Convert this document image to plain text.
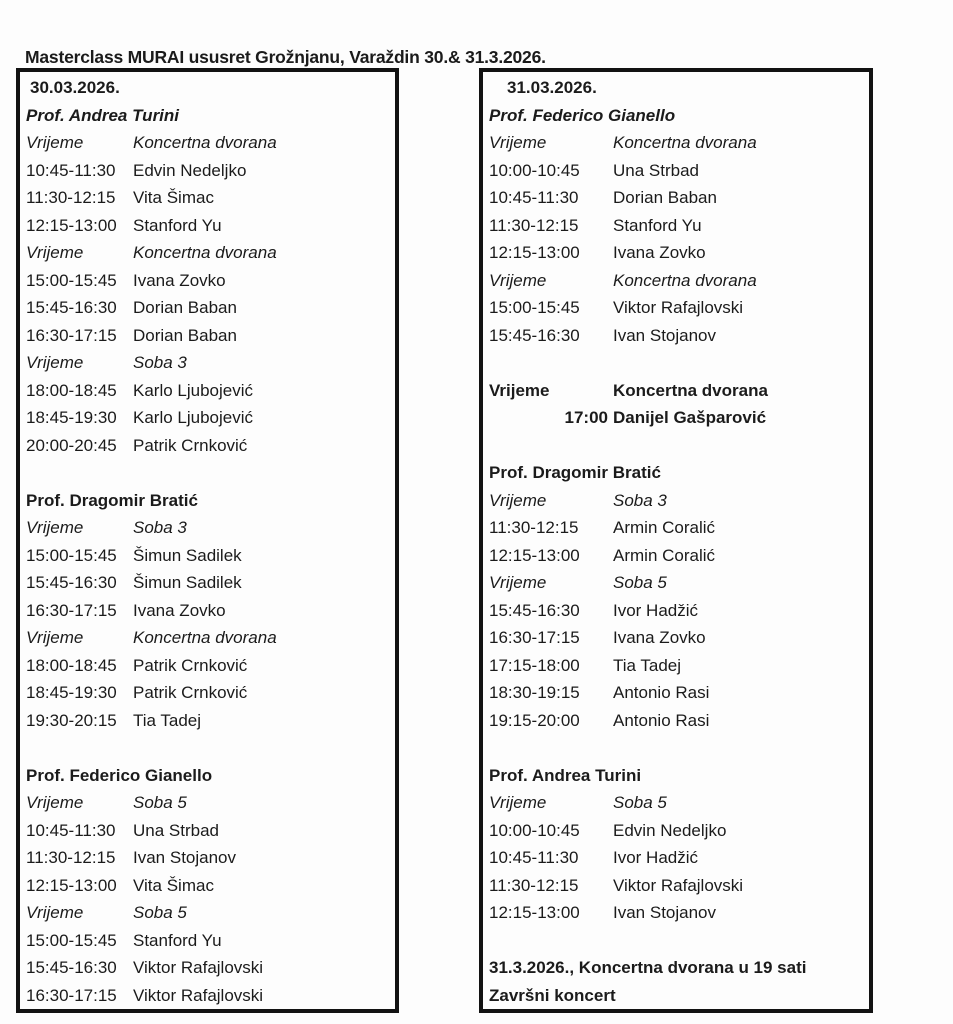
Masterclass MURAI ususret Grožnjanu, Varaždin 30.& 31.3.2026.
30.03.2026.
Prof. Andrea Turini
Vrijeme	Koncertna dvorana
10:45-11:30	Edvin Nedeljko
11:30-12:15	Vita Šimac
12:15-13:00 Stanford Yu
Vrijeme	Koncertna dvorana
15:00-15:45 Ivana Zovko
15:45-16:30 Dorian Baban
16:30-17:15 Dorian Baban
Vrijeme	Soba 3
18:00-18:45 Karlo Ljubojević
18:45-19:30 Karlo Ljubojević
20:00-20:45 Patrik Crnković
Prof. Dragomir Bratić
Vrijeme	Soba 3
15:00-15:45 Šimun Sadilek
15:45-16:30 Šimun Sadilek
16:30-17:15 Ivana Zovko
Vrijeme	Koncertna dvorana
18:00-18:45 Patrik Crnković
18:45-19:30 Patrik Crnković
19:30-20:15 Tia Tadej
Prof. Federico Gianello
Vrijeme	Soba 5
10:45-11:30	Una Strbad
11:30-12:15	Ivan Stojanov
12:15-13:00 Vita Šimac
Vrijeme	Soba 5
15:00-15:45 Stanford Yu
15:45-16:30 Viktor Rafajlovski
16:30-17:15 Viktor Rafajlovski
31.03.2026.
Prof. Federico Gianello
Vrijeme	Koncertna dvorana
10:00-10:45	Una Strbad
10:45-11:30	Dorian Baban
11:30-12:15	Stanford Yu
12:15-13:00	Ivana Zovko
Vrijeme	Koncertna dvorana
15:00-15:45	Viktor Rafajlovski
15:45-16:30	Ivan Stojanov
Vrijeme	Koncertna dvorana
17:00 Danijel Gašparović
Prof. Dragomir Bratić
Vrijeme	Soba 3
11:30-12:15	Armin Coralić
12:15-13:00	Armin Coralić
Vrijeme	Soba 5
15:45-16:30	Ivor Hadžić
16:30-17:15	Ivana Zovko
17:15-18:00	Tia Tadej
18:30-19:15	Antonio Rasi
19:15-20:00	Antonio Rasi
Prof. Andrea Turini
Vrijeme	Soba 5
10:00-10:45	Edvin Nedeljko
10:45-11:30	Ivor Hadžić
11:30-12:15	Viktor Rafajlovski
12:15-13:00	Ivan Stojanov
31.3.2026., Koncertna dvorana u 19 sati
Završni koncert
